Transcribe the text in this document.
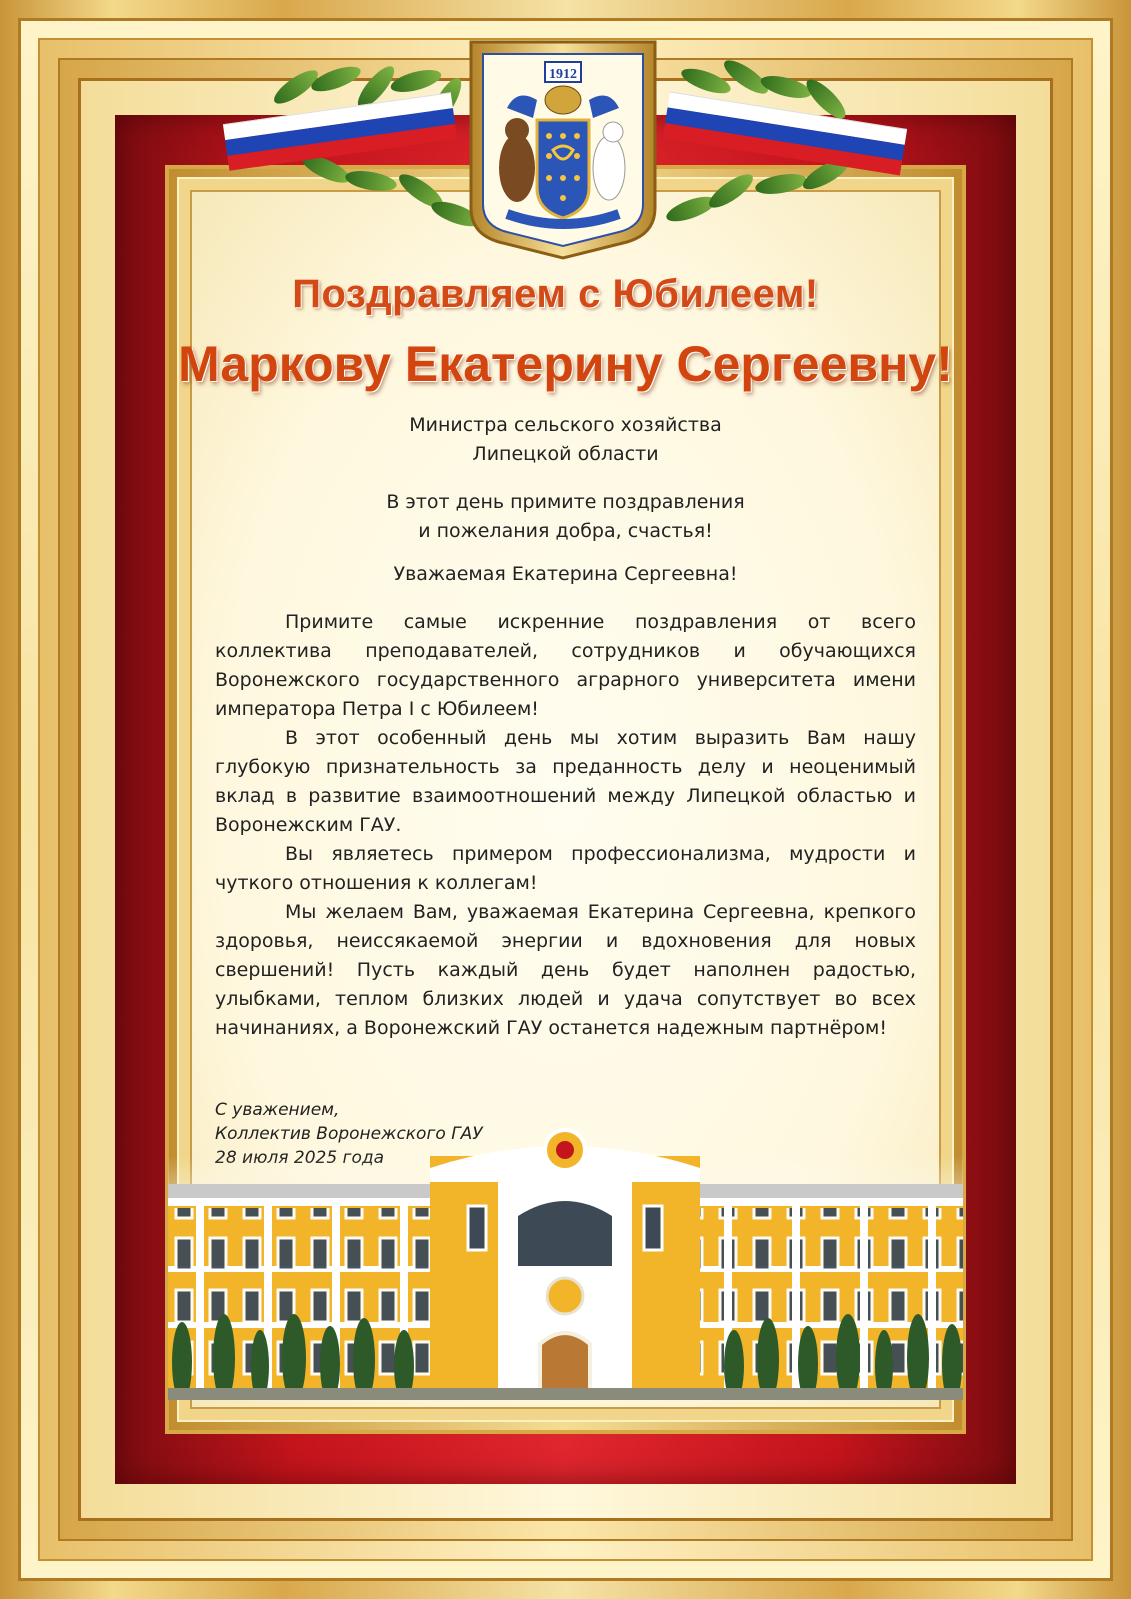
1912
Поздравляем с Юбилеем!
Маркову Екатерину Сергеевну!
Министра сельского хозяйства
Липецкой области
В этот день примите поздравления
и пожелания добра, счастья!
Уважаемая Екатерина Сергеевна!

Примите самые искренние поздравления от всего коллектива преподавателей, сотрудников и обучающихся Воронежского государственного аграрного университета имени императора Петра I с Юбилеем!

В этот особенный день мы хотим выразить Вам нашу глубокую признательность за преданность делу и неоценимый вклад в развитие взаимоотношений между Липецкой областью и Воронежским ГАУ.

Вы являетесь примером профессионализма, мудрости и чуткого отношения к коллегам!

Мы желаем Вам, уважаемая Екатерина Сергеевна, крепкого здоровья, неиссякаемой энергии и вдохновения для новых свершений! Пусть каждый день будет наполнен радостью, улыбками, теплом близких людей и удача сопутствует во всех начинаниях, а Воронежский ГАУ останется надежным партнёром!

С уважением,
Коллектив Воронежского ГАУ
